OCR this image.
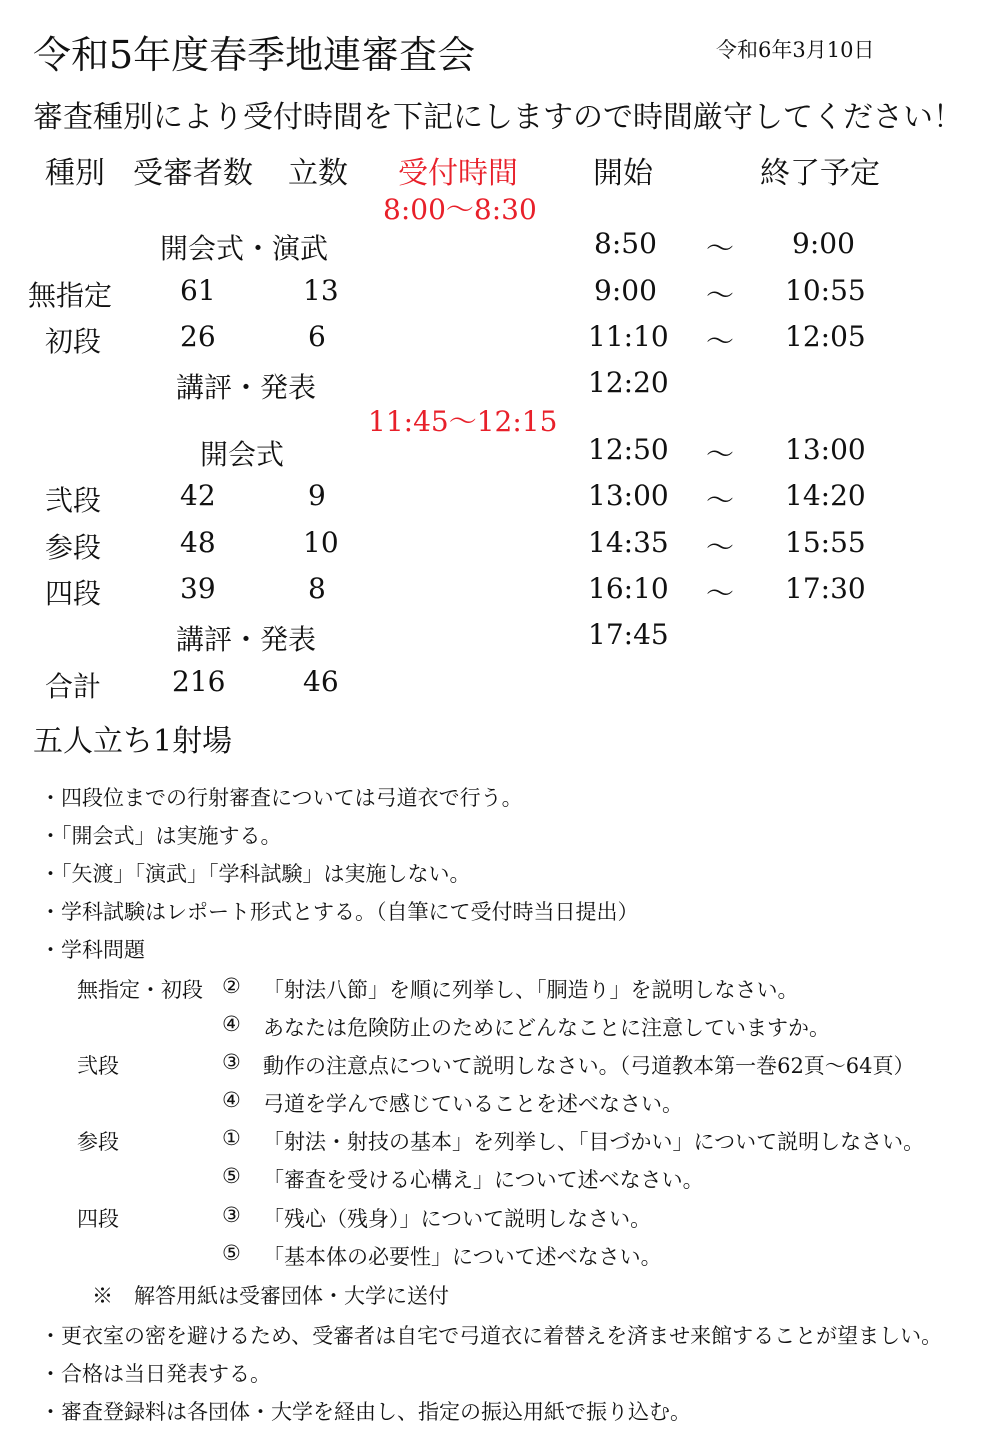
令和5年度春季地連審査会	令和6年3月10日
審査種別により受付時間を下記にしますので時間厳守してください！
種別 受審者数 立数 受付時間	開始	終了予定
8:00～8:30
11:45～12:15
開会式・演武	8:50 ～ 9:00
無指定 61	13	9:00 ～ 10:55
初段	26	6	11:10 ～ 12:05
講評・発表	12:20
開会式	12:50 ～ 13:00
弐段	42	9	13:00 ～ 14:20
参段	48	10	14:35 ～ 15:55
四段	39	8	16:10 ～ 17:30
講評・発表	17:45
合計	216	46
五人立ち1射場
・四段位までの行射審査については弓道衣で行う。
・「開会式」は実施する。
・「矢渡」「演武」「学科試験」は実施しない。
・学科試験はレポート形式とする。（自筆にて受付時当日提出）
・学科問題
無指定・初段 ② 「射法八節」を順に列挙し、「胴造り」を説明しなさい。
④ あなたは危険防止のためにどんなことに注意していますか。
弐段	③ 動作の注意点について説明しなさい。（弓道教本第一巻62頁～64頁）
④ 弓道を学んで感じていることを述べなさい。
参段	① 「射法・射技の基本」を列挙し、「目づかい」について説明しなさい。
⑤ 「審査を受ける心構え」について述べなさい。
四段	③ 「残心（残身）」について説明しなさい。
⑤ 「基本体の必要性」について述べなさい。
※　解答用紙は受審団体・大学に送付
・更衣室の密を避けるため、受審者は自宅で弓道衣に着替えを済ませ来館することが望ましい。
・合格は当日発表する。
・審査登録料は各団体・大学を経由し、指定の振込用紙で振り込む。
